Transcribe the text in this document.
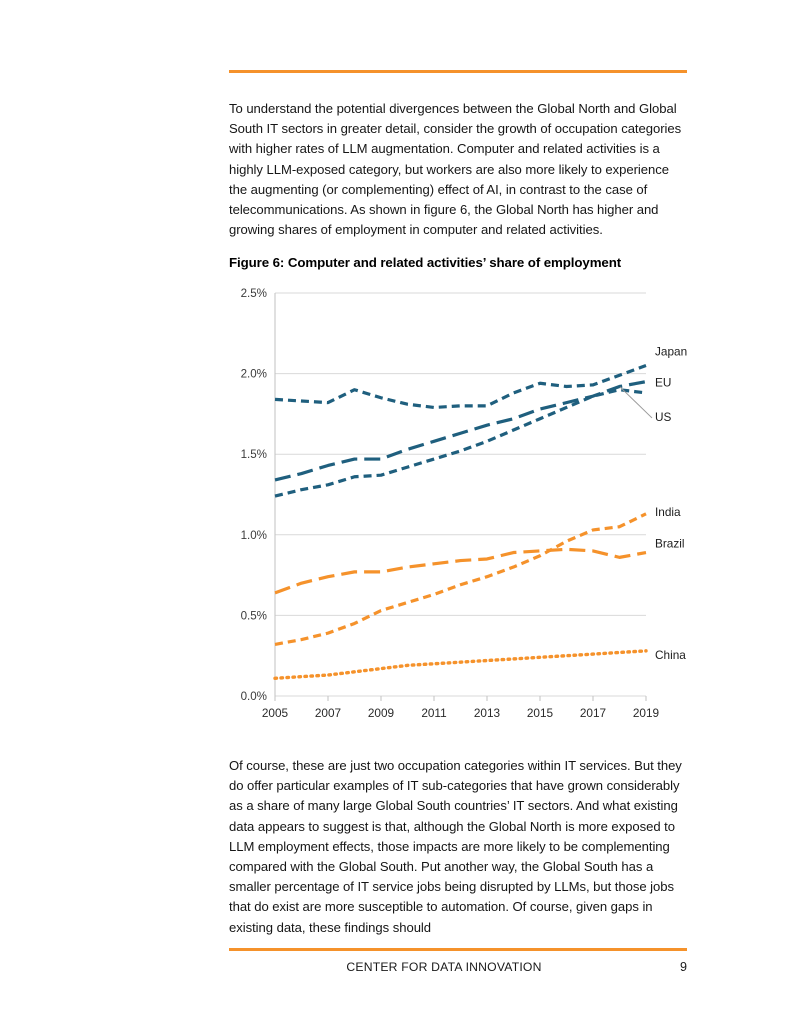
To understand the potential divergences between the Global North and Global South IT sectors in greater detail, consider the growth of occupation categories with higher rates of LLM augmentation. Computer and related activities is a highly LLM-exposed category, but workers are also more likely to experience the augmenting (or complementing) effect of AI, in contrast to the case of telecommunications. As shown in figure 6, the Global North has higher and growing shares of employment in computer and related activities.

Figure 6: Computer and related activities’ share of employment
0.0%
0.5%
1.0%
1.5%
2.0%
2.5%
2005 2007 2009 2011 2013 2015 2017 2019
Japan
EU
US
India
Brazil
China

Of course, these are just two occupation categories within IT services. But they do offer particular examples of IT sub-categories that have grown considerably as a share of many large Global South countries’ IT sectors. And what existing data appears to suggest is that, although the Global North is more exposed to LLM employment effects, those impacts are more likely to be complementing compared with the Global South. Put another way, the Global South has a smaller percentage of IT service jobs being disrupted by LLMs, but those jobs that do exist are more susceptible to automation. Of course, given gaps in existing data, these findings should

CENTER FOR DATA INNOVATION	9
